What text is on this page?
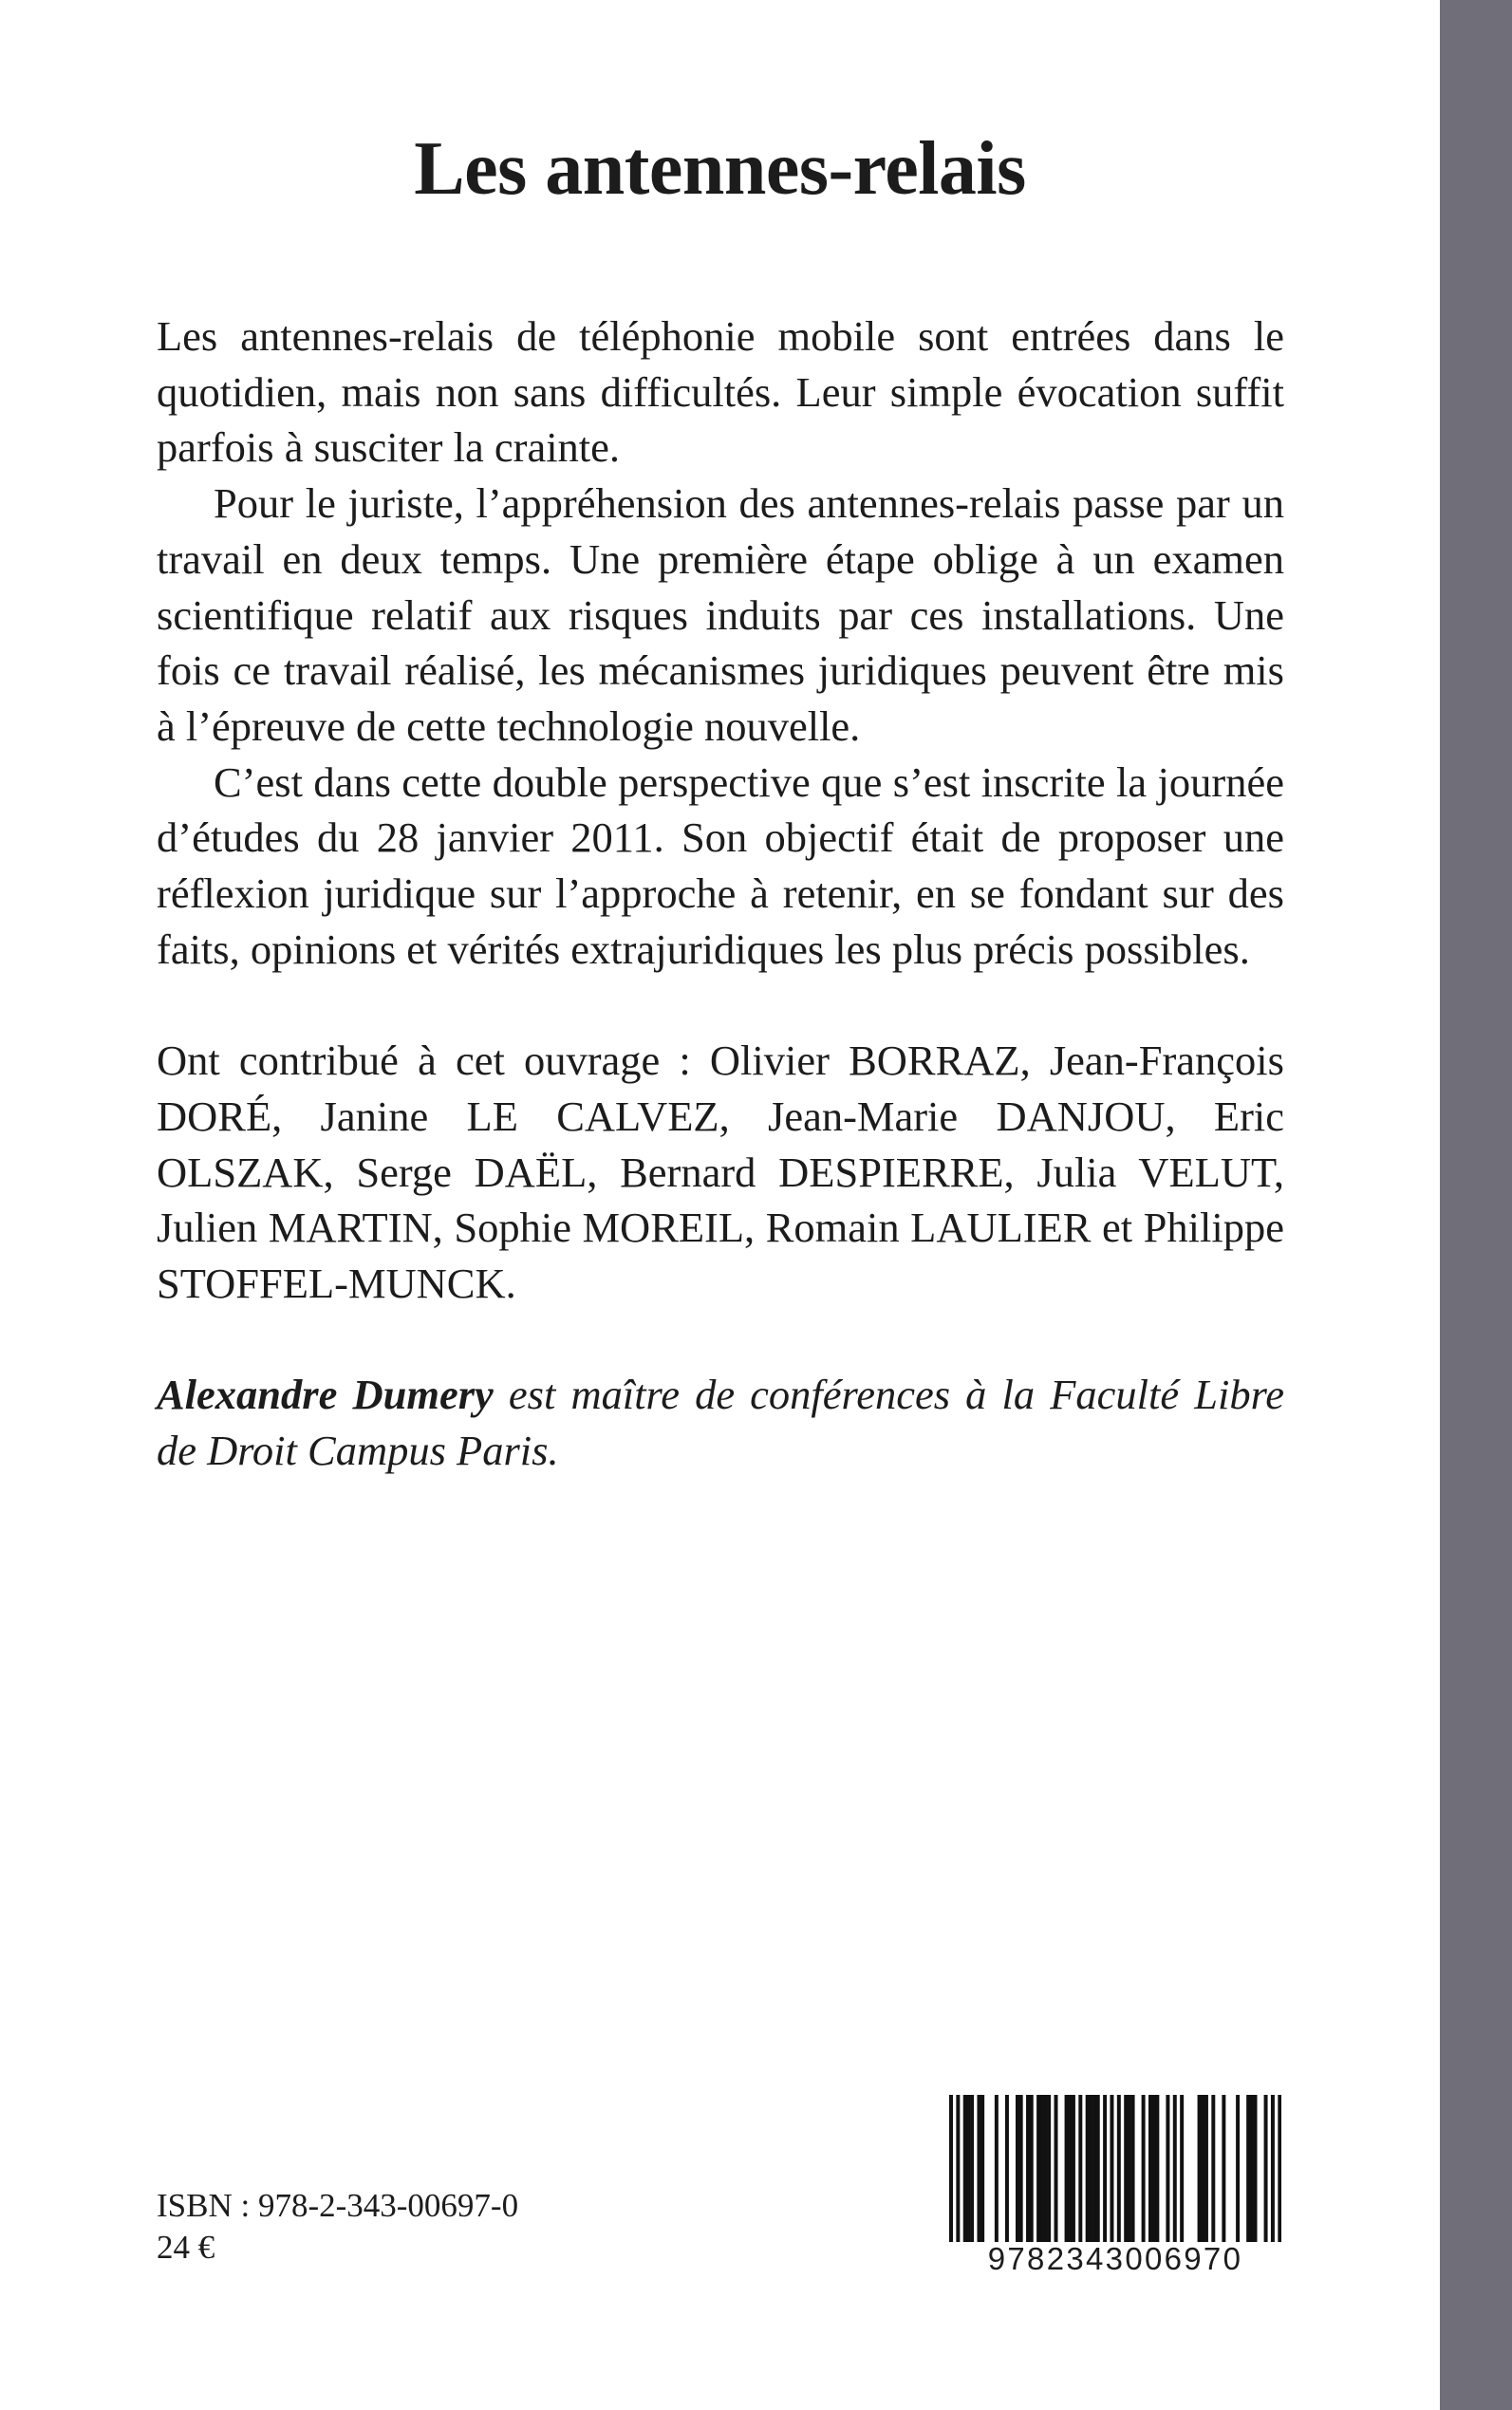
Les antennes-relais

Les antennes-relais de téléphonie mobile sont entrées dans le quotidien, mais non sans difficultés. Leur simple évocation suffit parfois à susciter la crainte.

Pour le juriste, l’appréhension des antennes-relais passe par un travail en deux temps. Une première étape oblige à un examen scientifique relatif aux risques induits par ces installations. Une fois ce travail réalisé, les mécanismes juridiques peuvent être mis à l’épreuve de cette technologie nouvelle.

C’est dans cette double perspective que s’est inscrite la journée d’études du 28 janvier 2011. Son objectif était de proposer une réflexion juridique sur l’approche à retenir, en se fondant sur des faits, opinions et vérités extrajuridiques les plus précis possibles.

Ont contribué à cet ouvrage : Olivier BORRAZ, Jean-François DORÉ, Janine LE CALVEZ, Jean-Marie DANJOU, Eric OLSZAK, Serge DAËL, Bernard DESPIERRE, Julia VELUT, Julien MARTIN, Sophie MOREIL, Romain LAULIER et Philippe STOFFEL-MUNCK.

Alexandre Dumery est maître de conférences à la Faculté Libre de Droit Campus Paris.

ISBN : 978-2-343-00697-0
24 €	9782343006970
